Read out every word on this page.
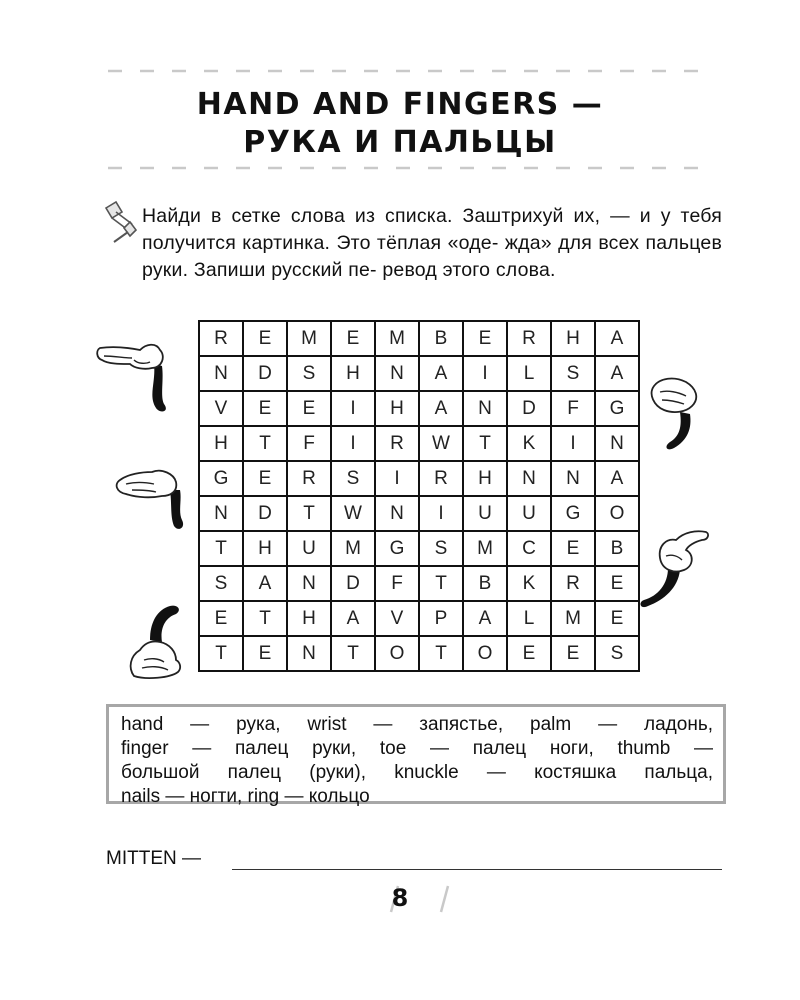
HAND AND FINGERS —
РУКА И ПАЛЬЦЫ

Найди в сетке слова из списка. Заштрихуй их, — и у тебя получится картинка. Это тёплая «оде- жда» для всех пальцев руки. Запиши русский пе- ревод этого слова.

R	E	M	E	M	B	E	R	H	A
N	D	S	H	N	A	I	L	S	A
V	E	E	I	H	A	N	D	F	G
H	T	F	I	R	W	T	K	I	N
G	E	R	S	I	R	H	N	N	A
N	D	T	W	N	I	U	U	G	O
T	H	U	M	G	S	M	C	E	B
S	A	N	D	F	T	B	K	R	E
E	T	H	A	V	P	A	L	M	E
T	E	N	T	O	T	O	E	E	S
hand — рука, wrist — запястье, palm — ладонь,
finger — палец руки, toe — палец ноги, thumb —
большой палец (руки), knuckle — костяшка пальца,
nails — ногти, ring — кольцо
MITTEN —
8
